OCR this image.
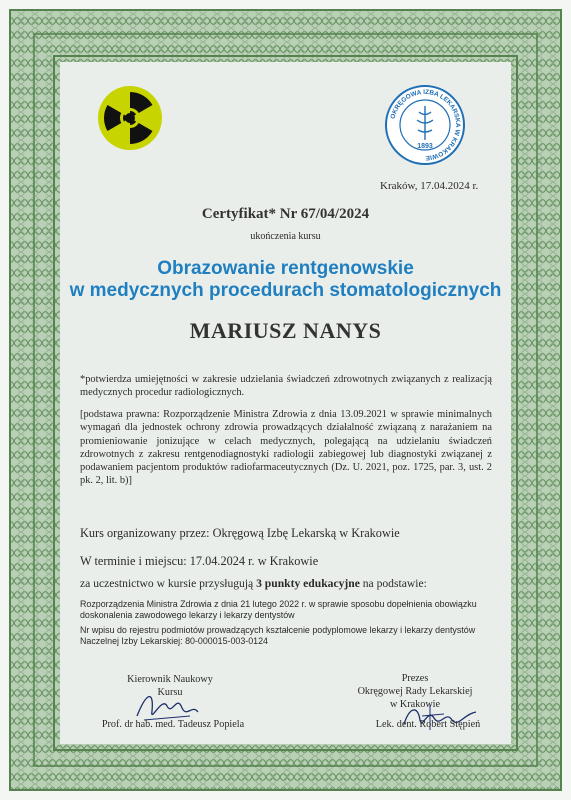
OKRĘGOWA IZBA LEKARSKA W KRAKOWIE
1893
Kraków, 17.04.2024 r.
Certyfikat* Nr 67/04/2024
ukończenia kursu
Obrazowanie rentgenowskie
w medycznych procedurach stomatologicznych
MARIUSZ NANYS
*potwierdza umiejętności w zakresie udzielania świadczeń zdrowotnych związanych z realizacją medycznych procedur radiologicznych.
[podstawa prawna: Rozporządzenie Ministra Zdrowia z dnia 13.09.2021 w sprawie minimalnych wymagań dla jednostek ochrony zdrowia prowadzących działalność związaną z narażaniem na promieniowanie jonizujące w celach medycznych, polegającą na udzielaniu świadczeń zdrowotnych z zakresu rentgenodiagnostyki radiologii zabiegowej lub diagnostyki związanej z podawaniem pacjentom produktów radiofarmaceutycznych (Dz. U. 2021, poz. 1725, par. 3, ust. 2 pk. 2, lit. b)]
Kurs organizowany przez: Okręgową Izbę Lekarską w Krakowie
W terminie i miejscu: 17.04.2024 r. w Krakowie
za uczestnictwo w kursie przysługują 3 punkty edukacyjne na podstawie:
Rozporządzenia Ministra Zdrowia z dnia 21 lutego 2022 r. w sprawie sposobu dopełnienia obowiązku doskonalenia zawodowego lekarzy i lekarzy dentystów
Nr wpisu do rejestru podmiotów prowadzących kształcenie podyplomowe lekarzy i lekarzy dentystów Naczelnej Izby Lekarskiej: 80-000015-003-0124
Kierownik Naukowy
Kursu
Prof. dr hab. med. Tadeusz Popiela
Prezes
Okręgowej Rady Lekarskiej
w Krakowie
Lek. dent. Robert Stępień
